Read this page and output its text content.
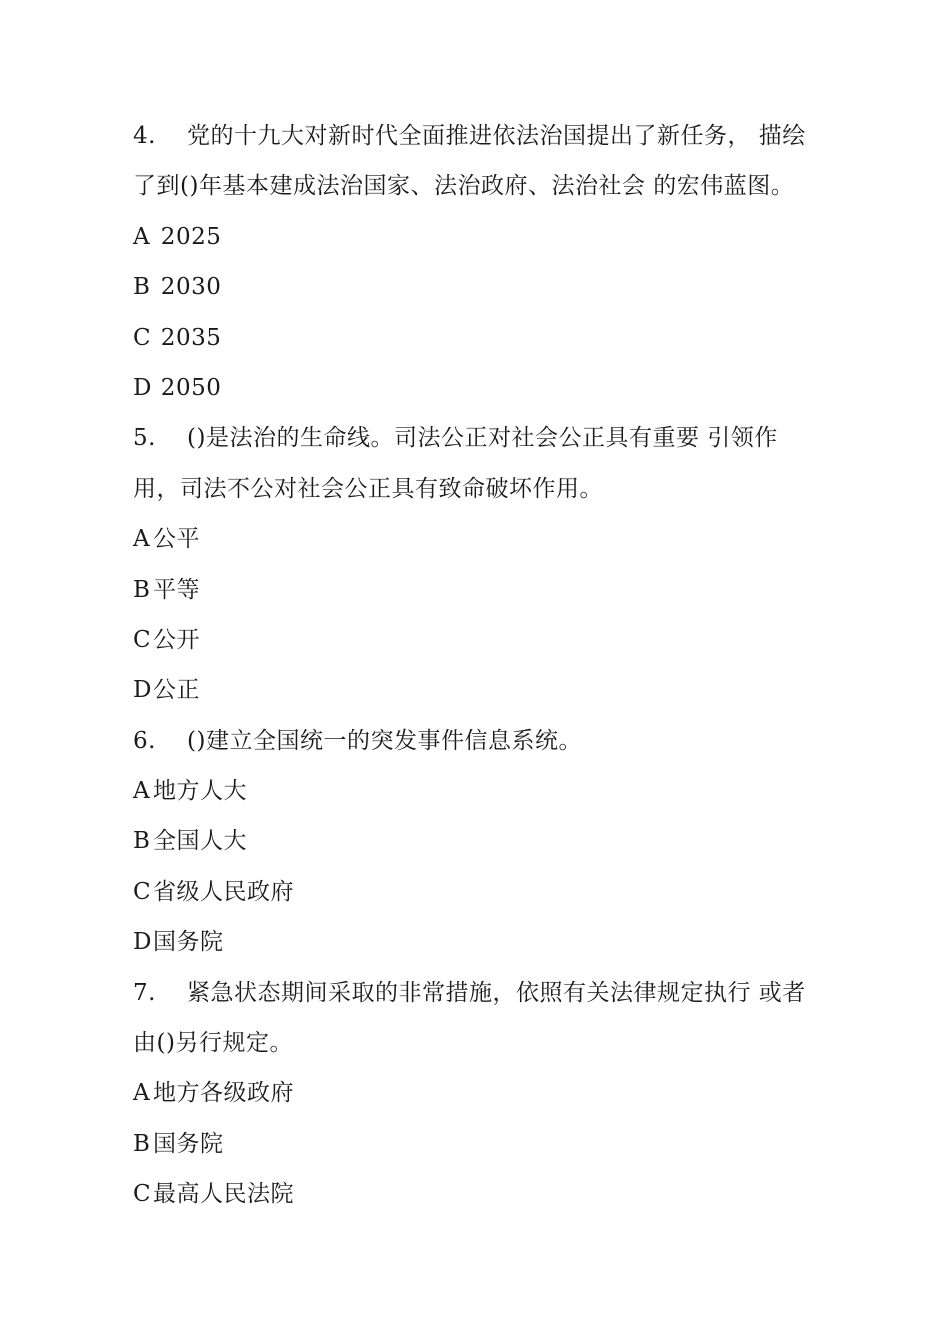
4. 党的十九大对新时代全面推进依法治国提出了新任务， 描绘
了到()年基本建成法治国家、法治政府、法治社会 的宏伟蓝图。
A 2025
B 2030
C 2035
D 2050
5. ()是法治的生命线。司法公正对社会公正具有重要 引领作
用，司法不公对社会公正具有致命破坏作用。
A 公平
B 平等
C公开
D公正
6. ()建立全国统一的突发事件信息系统。
A 地方人大
B 全国人大
C省级人民政府
D国务院
7. 紧急状态期间采取的非常措施，依照有关法律规定执行 或者
由()另行规定。
A 地方各级政府
B 国务院
C最高人民法院
